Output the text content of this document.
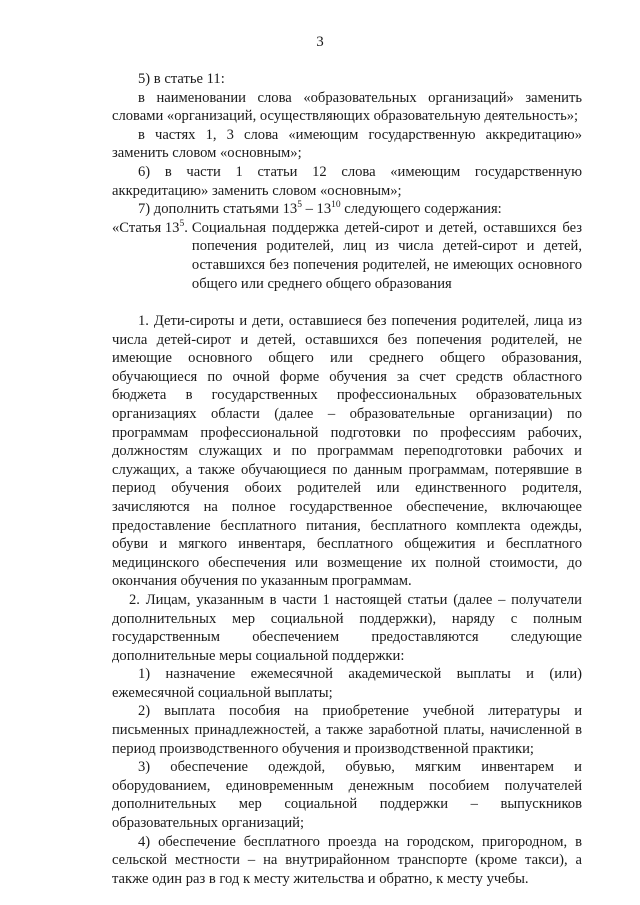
3

5) в статье 11:

в наименовании слова «образовательных организаций» заменить словами «организаций, осуществляющих образовательную деятельность»;

в частях 1, 3 слова «имеющим государственную аккредитацию» заменить словом «основным»;

6) в части 1 статьи 12 слова «имеющим государственную аккредитацию» заменить словом «основным»;

7) дополнить статьями $13^5 - 13^{10}$ следующего содержания:

«Статья $13^5$. Социальная поддержка детей-сирот и детей, оставшихся без попечения родителей, лиц из числа детей-сирот и детей, оставшихся без попечения родителей, не имеющих основного общего или среднего общего образования

1. Дети-сироты и дети, оставшиеся без попечения родителей, лица из числа детей-сирот и детей, оставшихся без попечения родителей, не имеющие основного общего или среднего общего образования, обучающиеся по очной форме обучения за счет средств областного бюджета в государственных профессиональных образовательных организациях области (далее – образовательные организации) по программам профессиональной подготовки по профессиям рабочих, должностям служащих и по программам переподготовки рабочих и служащих, а также обучающиеся по данным программам, потерявшие в период обучения обоих родителей или единственного родителя, зачисляются на полное государственное обеспечение, включающее предоставление бесплатного питания, бесплатного комплекта одежды, обуви и мягкого инвентаря, бесплатного общежития и бесплатного медицинского обеспечения или возмещение их полной стоимости, до окончания обучения по указанным программам.

2. Лицам, указанным в части 1 настоящей статьи (далее – получатели дополнительных мер социальной поддержки), наряду с полным государственным обеспечением предоставляются следующие дополнительные меры социальной поддержки:

1) назначение ежемесячной академической выплаты и (или) ежемесячной социальной выплаты;

2) выплата пособия на приобретение учебной литературы и письменных принадлежностей, а также заработной платы, начисленной в период производственного обучения и производственной практики;

3) обеспечение одеждой, обувью, мягким инвентарем и оборудованием, единовременным денежным пособием получателей дополнительных мер социальной поддержки – выпускников образовательных организаций;

4) обеспечение бесплатного проезда на городском, пригородном, в сельской местности – на внутрирайонном транспорте (кроме такси), а также один раз в год к месту жительства и обратно, к месту учебы.
